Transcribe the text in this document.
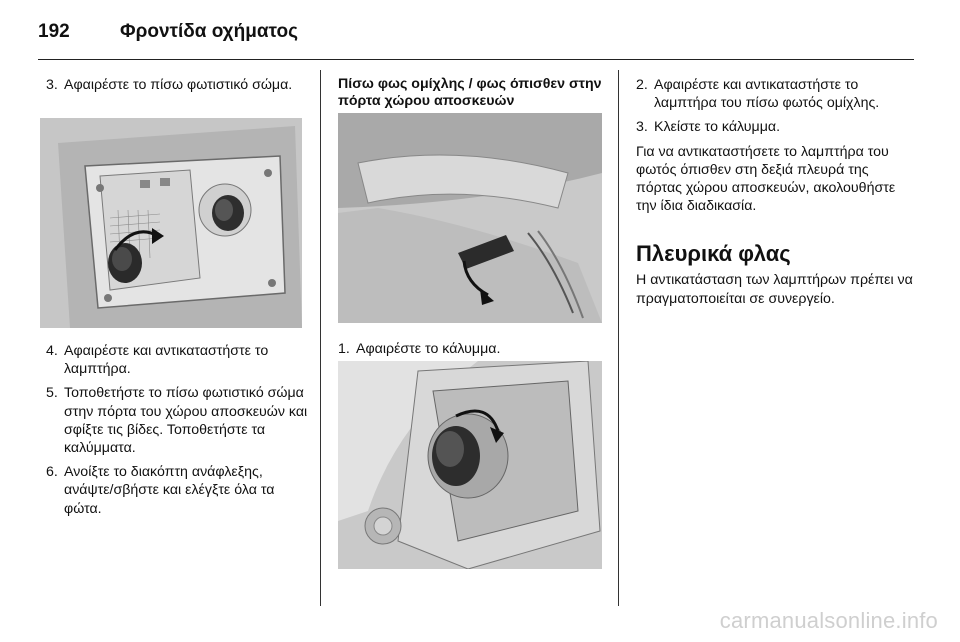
192	Φροντίδα οχήματος
3. Αφαιρέστε το πίσω φωτιστικό σώμα.
4. Αφαιρέστε και αντικαταστήστε το λαμπτήρα.
5. Τοποθετήστε το πίσω φωτιστικό σώμα στην πόρτα του χώρου αποσκευών και σφίξτε τις βίδες. Τοποθετήστε τα καλύμματα.
6. Ανοίξτε το διακόπτη ανάφλεξης, ανάψτε/σβήστε και ελέγξτε όλα τα φώτα.
Πίσω φως ομίχλης / φως όπισθεν στην πόρτα χώρου αποσκευών
1. Αφαιρέστε το κάλυμμα.
2. Αφαιρέστε και αντικαταστήστε το λαμπτήρα του πίσω φωτός ομίχλης.
3. Κλείστε το κάλυμμα.
Για να αντικαταστήσετε το λαμπτήρα του φωτός όπισθεν στη δεξιά πλευρά της πόρτας χώρου αποσκευών, ακολουθήστε την ίδια διαδικασία.
Πλευρικά φλας
Η αντικατάσταση των λαμπτήρων πρέπει να πραγματοποιείται σε συνεργείο.
carmanualsonline.info
